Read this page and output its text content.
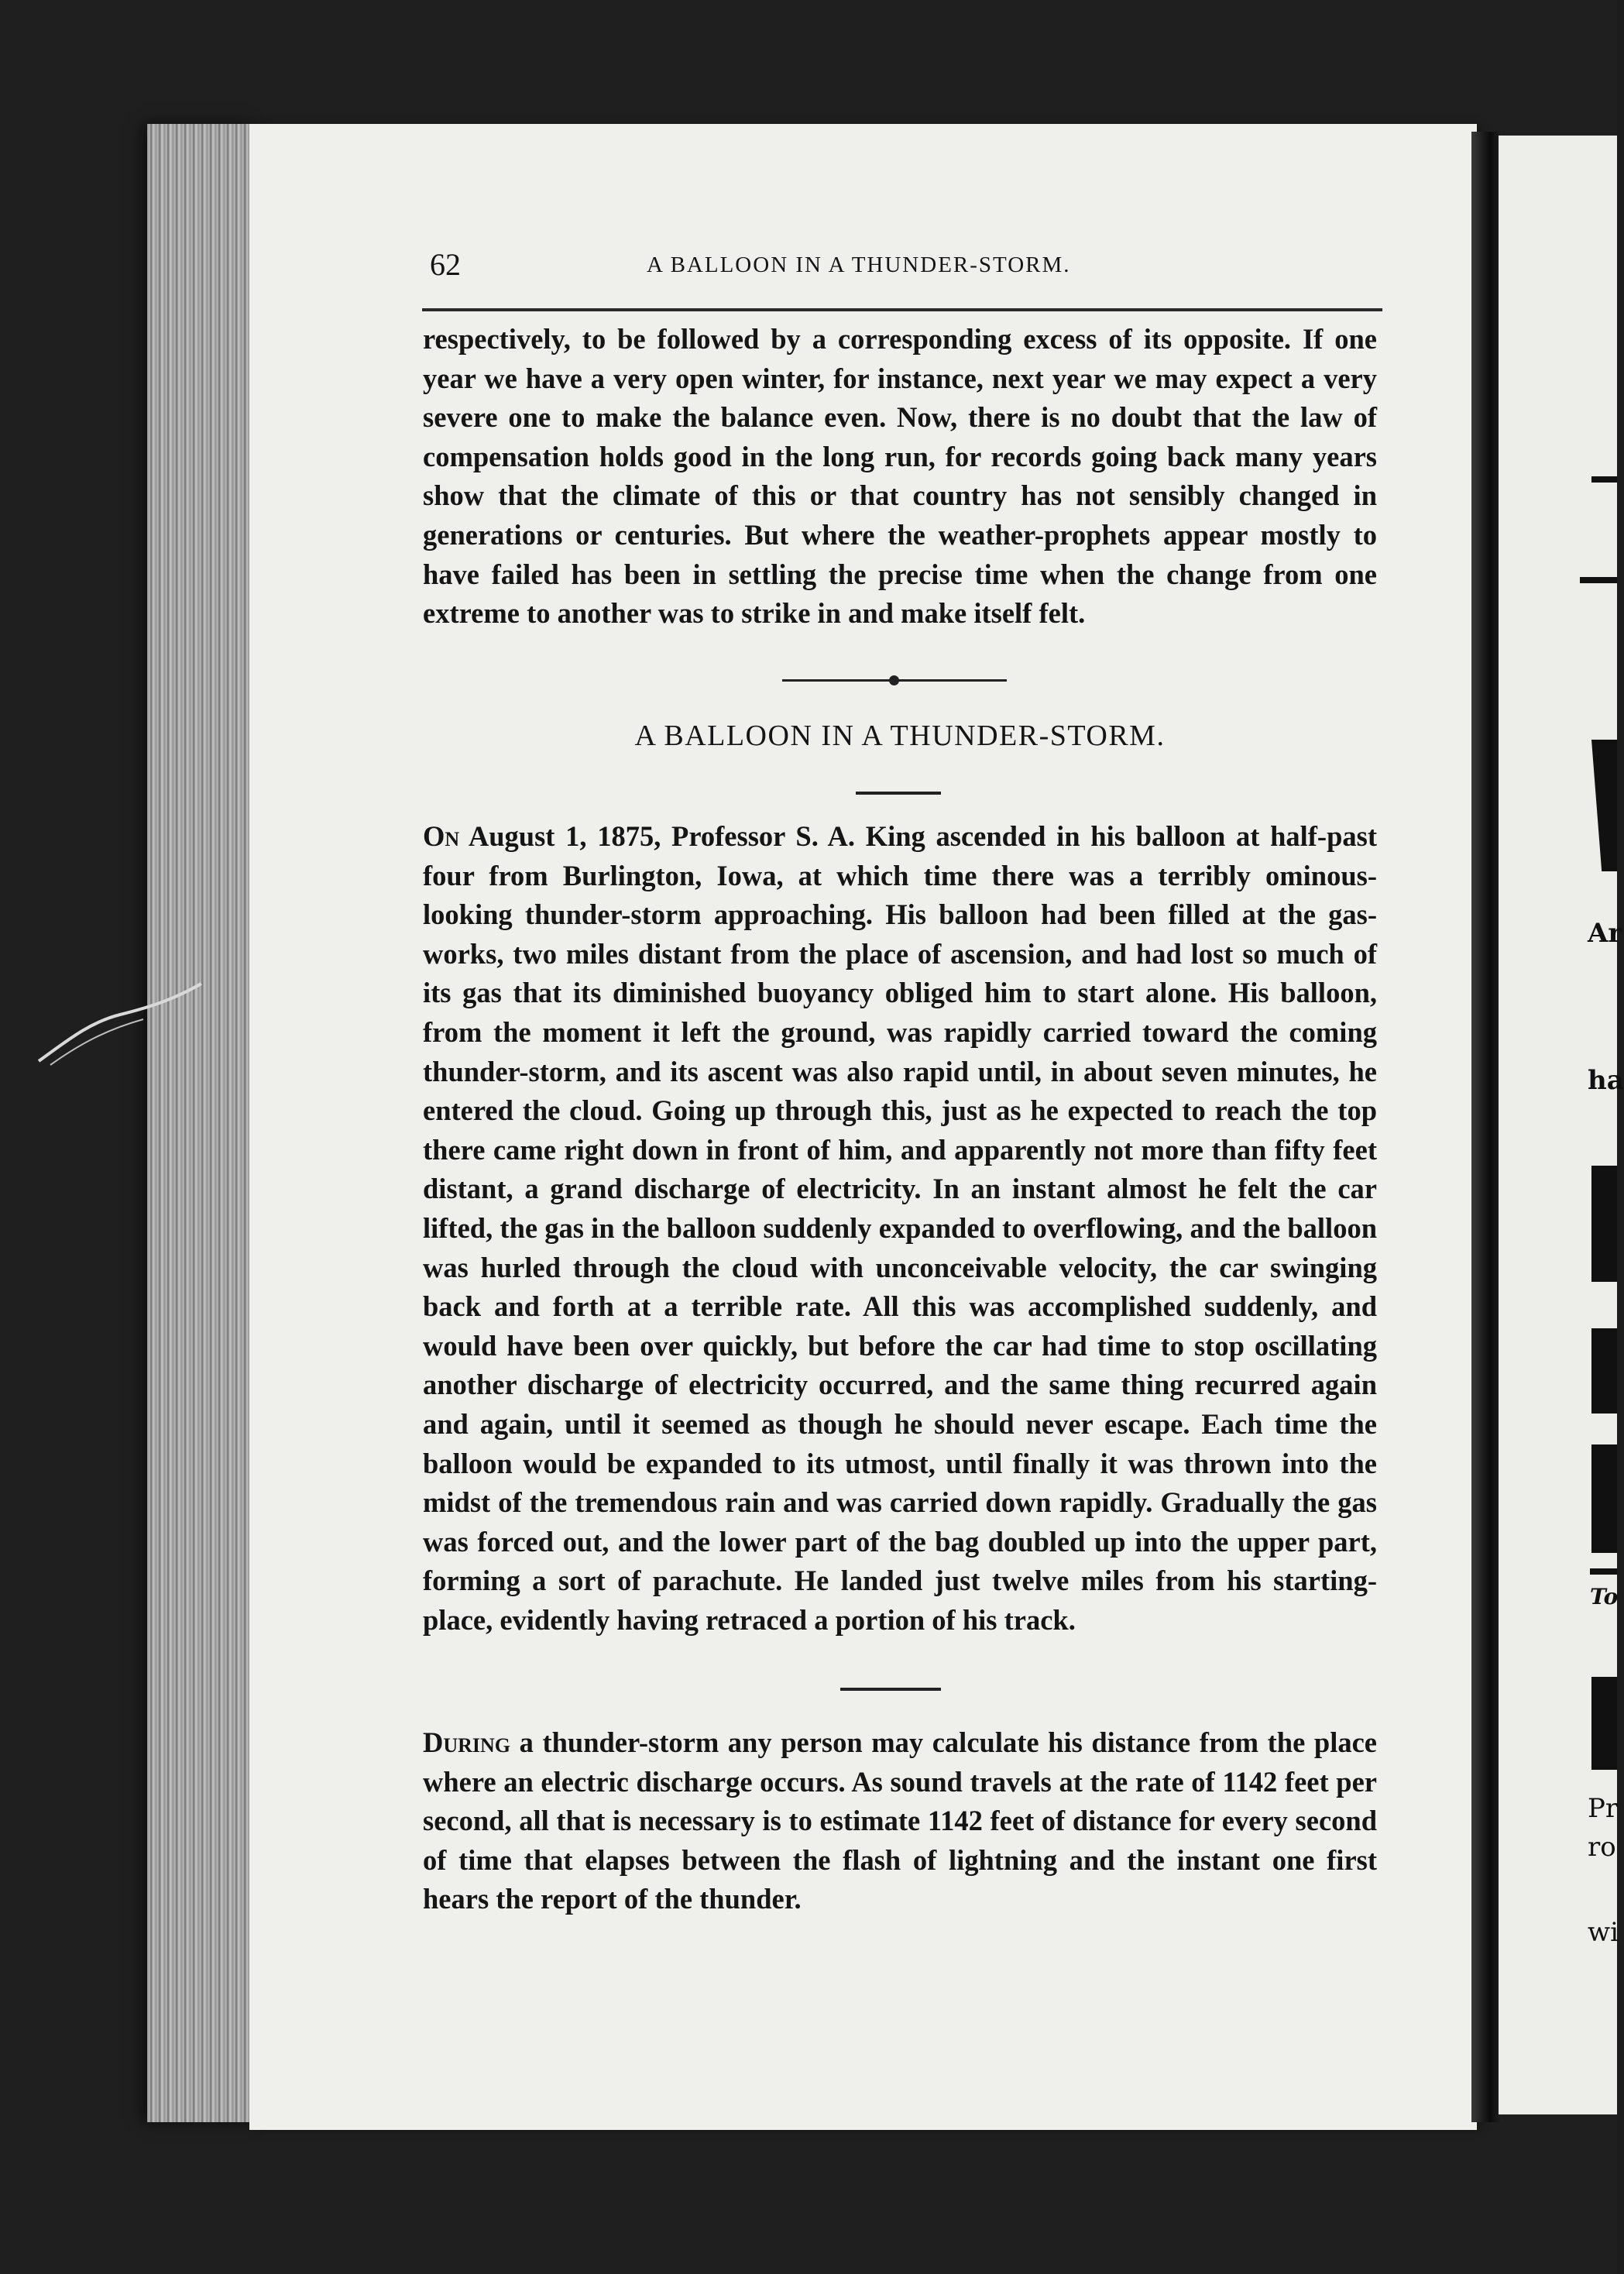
62	A BALLOON IN A THUNDER-STORM.

respectively, to be followed by a corresponding excess of its opposite. If one year we have a very open winter, for instance, next year we may expect a very severe one to make the balance even. Now, there is no doubt that the law of compensation holds good in the long run, for records going back many years show that the climate of this or that country has not sensibly changed in generations or centuries. But where the weather-prophets appear mostly to have failed has been in settling the precise time when the change from one extreme to another was to strike in and make itself felt.

A BALLOON IN A THUNDER-STORM.

On August 1, 1875, Professor S. A. King ascended in his balloon at half-past four from Burlington, Iowa, at which time there was a terribly ominous-looking thunder-storm approaching. His balloon had been filled at the gas-works, two miles distant from the place of ascension, and had lost so much of its gas that its diminished buoyancy obliged him to start alone. His balloon, from the moment it left the ground, was rapidly carried toward the coming thunder-storm, and its ascent was also rapid until, in about seven minutes, he entered the cloud. Going up through this, just as he expected to reach the top there came right down in front of him, and apparently not more than fifty feet distant, a grand discharge of electricity. In an instant almost he felt the car lifted, the gas in the balloon suddenly expanded to overflowing, and the balloon was hurled through the cloud with unconceivable velocity, the car swinging back and forth at a terrible rate. All this was accomplished suddenly, and would have been over quickly, but before the car had time to stop oscillating another discharge of electricity occurred, and the same thing recurred again and again, until it seemed as though he should never escape. Each time the balloon would be expanded to its utmost, until finally it was thrown into the midst of the tremendous rain and was carried down rapidly. Gradually the gas was forced out, and the lower part of the bag doubled up into the upper part, forming a sort of parachute. He landed just twelve miles from his starting-place, evidently having retraced a portion of his track.

During a thunder-storm any person may calculate his distance from the place where an electric discharge occurs. As sound travels at the rate of 1142 feet per second, all that is necessary is to estimate 1142 feet of distance for every second of time that elapses between the flash of lightning and the instant one first hears the report of the thunder.

Ar
ha
To
Pr
ro
wi
